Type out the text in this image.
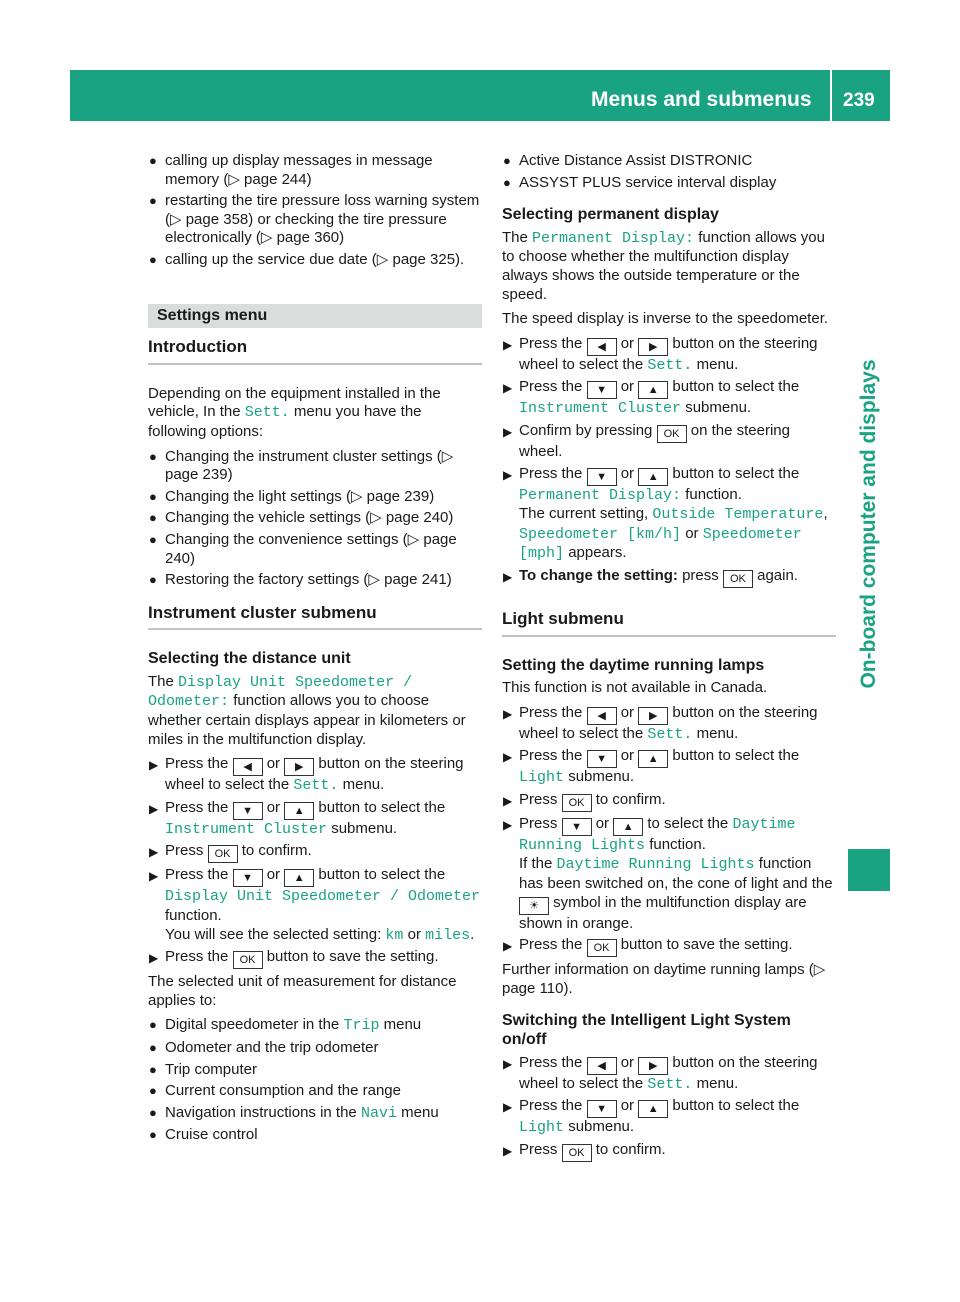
Menus and submenus 239
On-board computer and displays
● calling up display messages in message memory (▷ page 244)
● restarting the tire pressure loss warning system (▷ page 358) or checking the tire pressure electronically (▷ page 360)
● calling up the service due date (▷ page 325).
Settings menu
Introduction
Depending on the equipment installed in the vehicle, In the Sett. menu you have the following options:
● Changing the instrument cluster settings (▷ page 239)
● Changing the light settings (▷ page 239)
● Changing the vehicle settings (▷ page 240)
● Changing the convenience settings (▷ page 240)
● Restoring the factory settings (▷ page 241)
Instrument cluster submenu
Selecting the distance unit
The Display Unit Speedometer / Odometer: function allows you to choose whether certain displays appear in kilometers or miles in the multifunction display.
▶ Press the ◀ or ▶ button on the steering wheel to select the Sett. menu.
▶ Press the ▼ or ▲ button to select the Instrument Cluster submenu.
▶ Press OK to confirm.
▶ Press the ▼ or ▲ button to select the Display Unit Speedometer / Odometer function.
You will see the selected setting: km or miles.
▶ Press the OK button to save the setting.
The selected unit of measurement for distance applies to:
● Digital speedometer in the Trip menu
● Odometer and the trip odometer
● Trip computer
● Current consumption and the range
● Navigation instructions in the Navi menu
● Cruise control
● Active Distance Assist DISTRONIC
● ASSYST PLUS service interval display
Selecting permanent display
The Permanent Display: function allows you to choose whether the multifunction display always shows the outside temperature or the speed.
The speed display is inverse to the speedometer.
▶ Press the ◀ or ▶ button on the steering wheel to select the Sett. menu.
▶ Press the ▼ or ▲ button to select the Instrument Cluster submenu.
▶ Confirm by pressing OK on the steering wheel.
▶ Press the ▼ or ▲ button to select the Permanent Display: function.
The current setting, Outside Temperature, Speedometer [km/h] or Speedometer [mph] appears.
▶ To change the setting: press OK again.
Light submenu
Setting the daytime running lamps
This function is not available in Canada.
▶ Press the ◀ or ▶ button on the steering wheel to select the Sett. menu.
▶ Press the ▼ or ▲ button to select the Light submenu.
▶ Press OK to confirm.
▶ Press ▼ or ▲ to select the Daytime Running Lights function.
If the Daytime Running Lights function has been switched on, the cone of light and the ☀ symbol in the multifunction display are shown in orange.
▶ Press the OK button to save the setting.
Further information on daytime running lamps (▷ page 110).
Switching the Intelligent Light System on/off
▶ Press the ◀ or ▶ button on the steering wheel to select the Sett. menu.
▶ Press the ▼ or ▲ button to select the Light submenu.
▶ Press OK to confirm.
